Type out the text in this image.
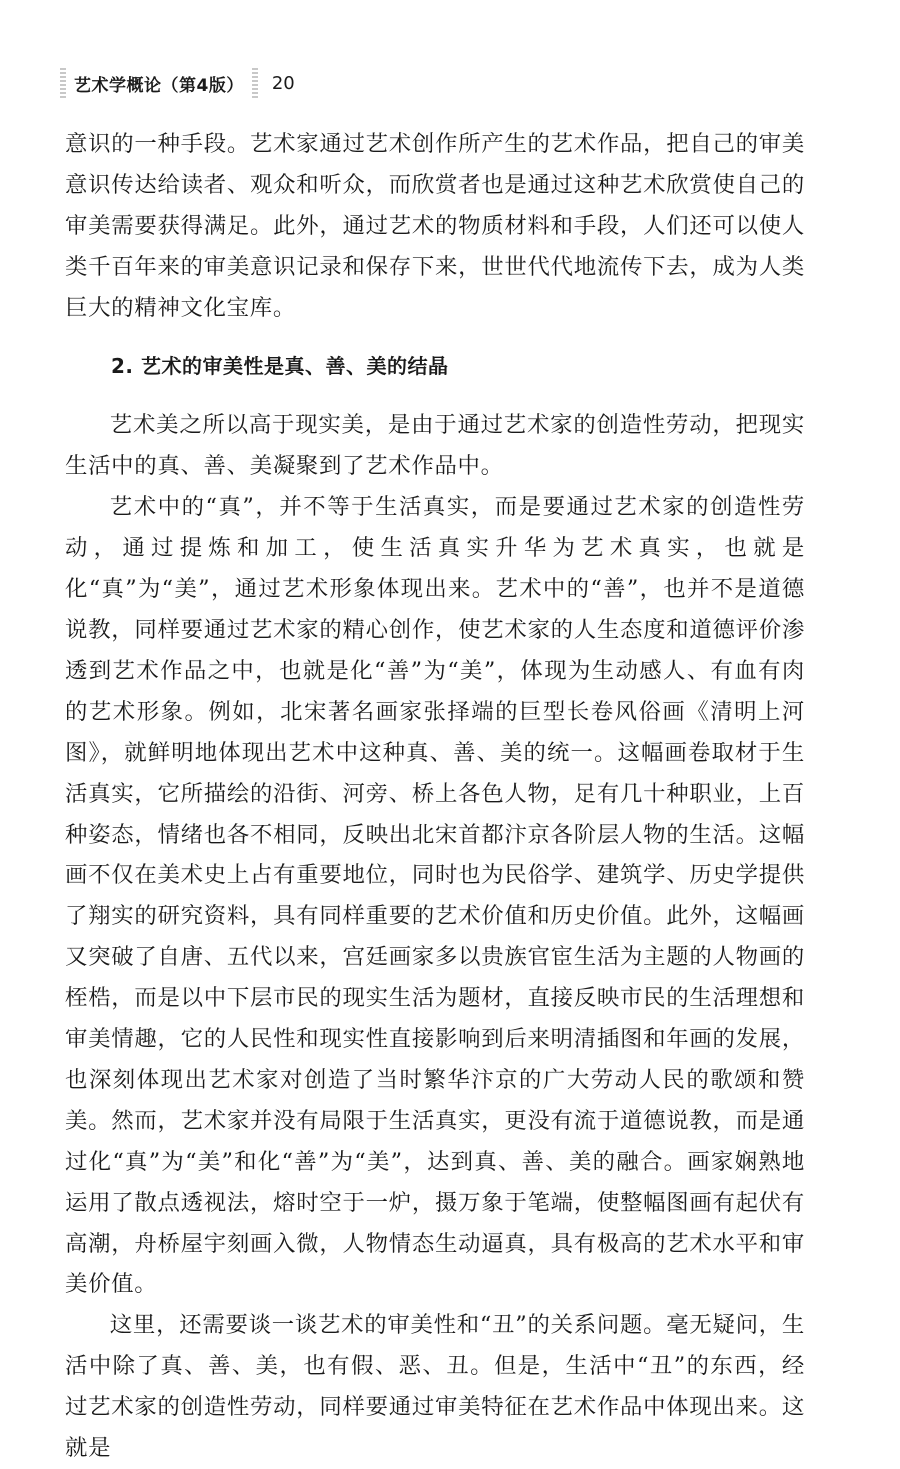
艺术学概论（第4版） 20

意识的一种手段。艺术家通过艺术创作所产生的艺术作品，把自己的审美意识传达给读者、观众和听众，而欣赏者也是通过这种艺术欣赏使自己的审美需要获得满足。此外，通过艺术的物质材料和手段，人们还可以使人类千百年来的审美意识记录和保存下来，世世代代地流传下去，成为人类巨大的精神文化宝库。

2. 艺术的审美性是真、善、美的结晶

艺术美之所以高于现实美，是由于通过艺术家的创造性劳动，把现实生活中的真、善、美凝聚到了艺术作品中。

艺术中的“真”，并不等于生活真实，而是要通过艺术家的创造性劳动，通过提炼和加工，使生活真实升华为艺术真实，也就是化“真”为“美”，通过艺术形象体现出来。艺术中的“善”，也并不是道德说教，同样要通过艺术家的精心创作，使艺术家的人生态度和道德评价渗透到艺术作品之中，也就是化“善”为“美”，体现为生动感人、有血有肉的艺术形象。例如，北宋著名画家张择端的巨型长卷风俗画《清明上河图》，就鲜明地体现出艺术中这种真、善、美的统一。这幅画卷取材于生活真实，它所描绘的沿街、河旁、桥上各色人物，足有几十种职业，上百种姿态，情绪也各不相同，反映出北宋首都汴京各阶层人物的生活。这幅画不仅在美术史上占有重要地位，同时也为民俗学、建筑学、历史学提供了翔实的研究资料，具有同样重要的艺术价值和历史价值。此外，这幅画又突破了自唐、五代以来，宫廷画家多以贵族官宦生活为主题的人物画的桎梏，而是以中下层市民的现实生活为题材，直接反映市民的生活理想和审美情趣，它的人民性和现实性直接影响到后来明清插图和年画的发展，也深刻体现出艺术家对创造了当时繁华汴京的广大劳动人民的歌颂和赞美。然而，艺术家并没有局限于生活真实，更没有流于道德说教，而是通过化“真”为“美”和化“善”为“美”，达到真、善、美的融合。画家娴熟地运用了散点透视法，熔时空于一炉，摄万象于笔端，使整幅图画有起伏有高潮，舟桥屋宇刻画入微，人物情态生动逼真，具有极高的艺术水平和审美价值。

这里，还需要谈一谈艺术的审美性和“丑”的关系问题。毫无疑问，生活中除了真、善、美，也有假、恶、丑。但是，生活中“丑”的东西，经过艺术家的创造性劳动，同样要通过审美特征在艺术作品中体现出来。这就是
